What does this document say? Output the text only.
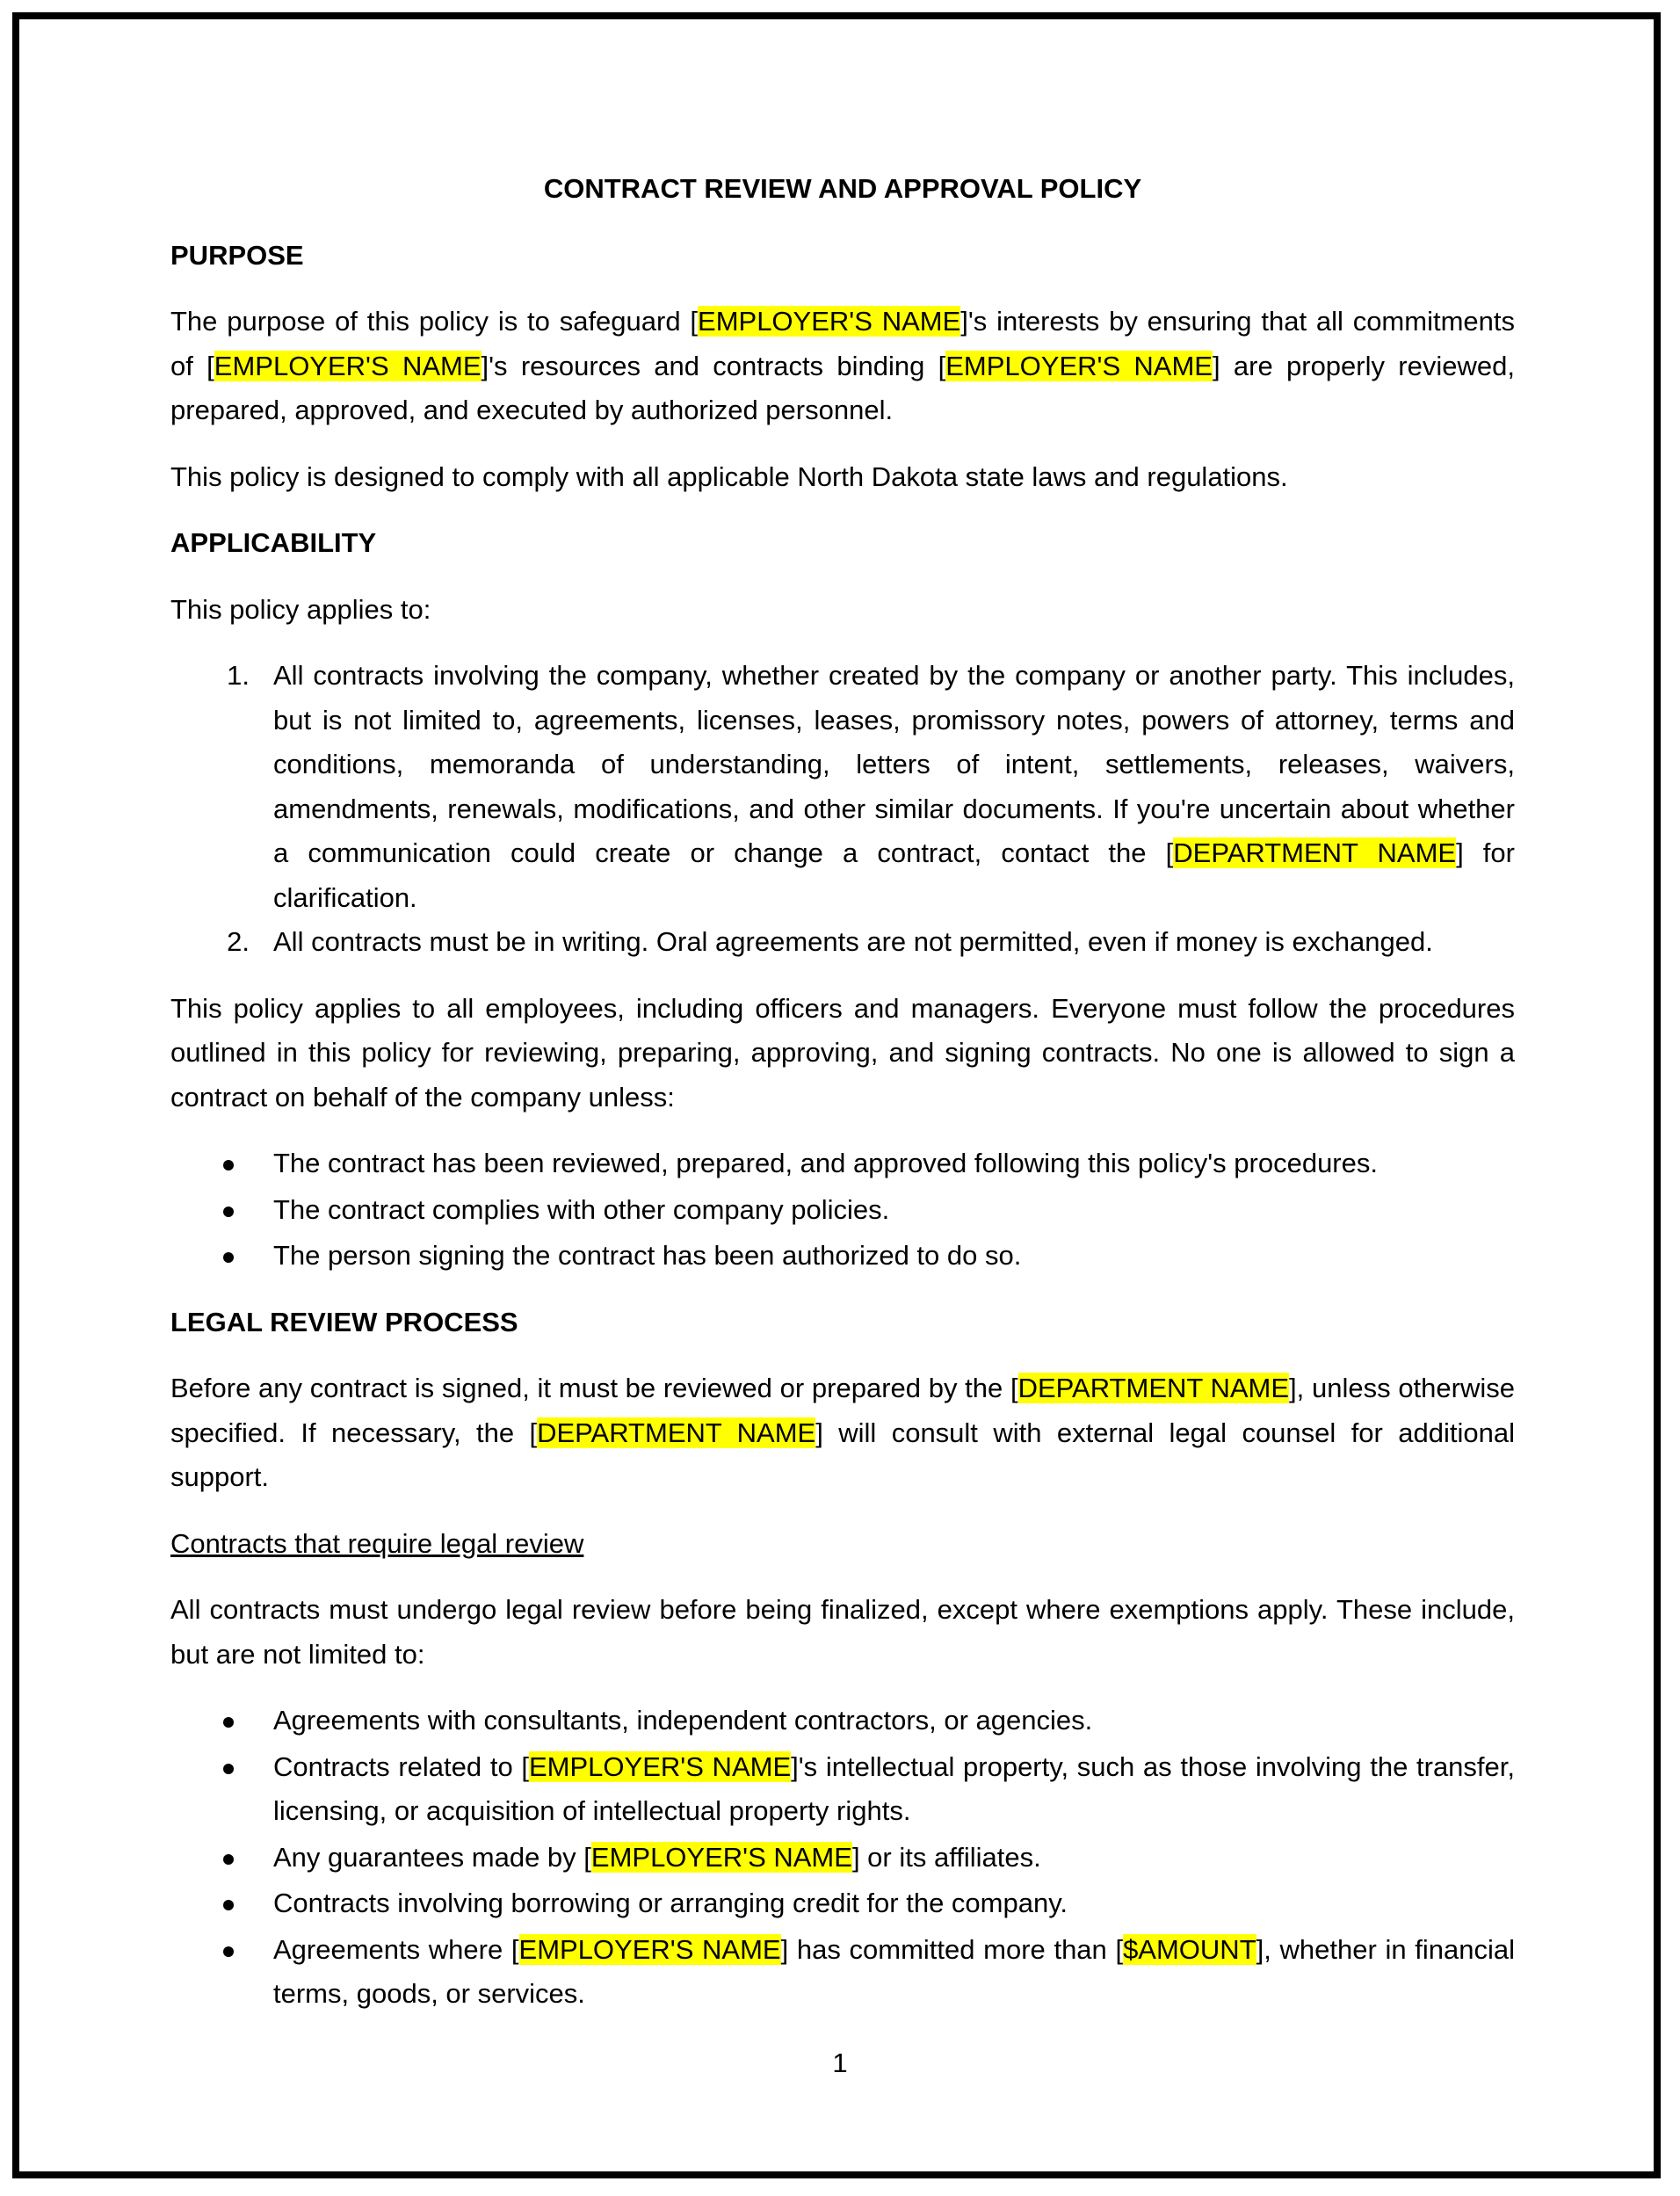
CONTRACT REVIEW AND APPROVAL POLICY
PURPOSE

The purpose of this policy is to safeguard [EMPLOYER'S NAME]'s interests by ensuring that all commitments of [EMPLOYER'S NAME]'s resources and contracts binding [EMPLOYER'S NAME] are properly reviewed, prepared, approved, and executed by authorized personnel.

This policy is designed to comply with all applicable North Dakota state laws and regulations.

APPLICABILITY

This policy applies to:

1. All contracts involving the company, whether created by the company or another party. This includes, but is not limited to, agreements, licenses, leases, promissory notes, powers of attorney, terms and conditions, memoranda of understanding, letters of intent, settlements, releases, waivers, amendments, renewals, modifications, and other similar documents. If you're uncertain about whether a communication could create or change a contract, contact the [DEPARTMENT NAME] for clarification.
2. All contracts must be in writing. Oral agreements are not permitted, even if money is exchanged.

This policy applies to all employees, including officers and managers. Everyone must follow the procedures outlined in this policy for reviewing, preparing, approving, and signing contracts. No one is allowed to sign a contract on behalf of the company unless:

The contract has been reviewed, prepared, and approved following this policy's procedures.
The contract complies with other company policies.
The person signing the contract has been authorized to do so.
LEGAL REVIEW PROCESS

Before any contract is signed, it must be reviewed or prepared by the [DEPARTMENT NAME], unless otherwise specified. If necessary, the [DEPARTMENT NAME] will consult with external legal counsel for additional support.

Contracts that require legal review

All contracts must undergo legal review before being finalized, except where exemptions apply. These include, but are not limited to:

Agreements with consultants, independent contractors, or agencies.
Contracts related to [EMPLOYER'S NAME]'s intellectual property, such as those involving the transfer, licensing, or acquisition of intellectual property rights.
Any guarantees made by [EMPLOYER'S NAME] or its affiliates.
Contracts involving borrowing or arranging credit for the company.
Agreements where [EMPLOYER'S NAME] has committed more than [$AMOUNT], whether in financial terms, goods, or services.
1
